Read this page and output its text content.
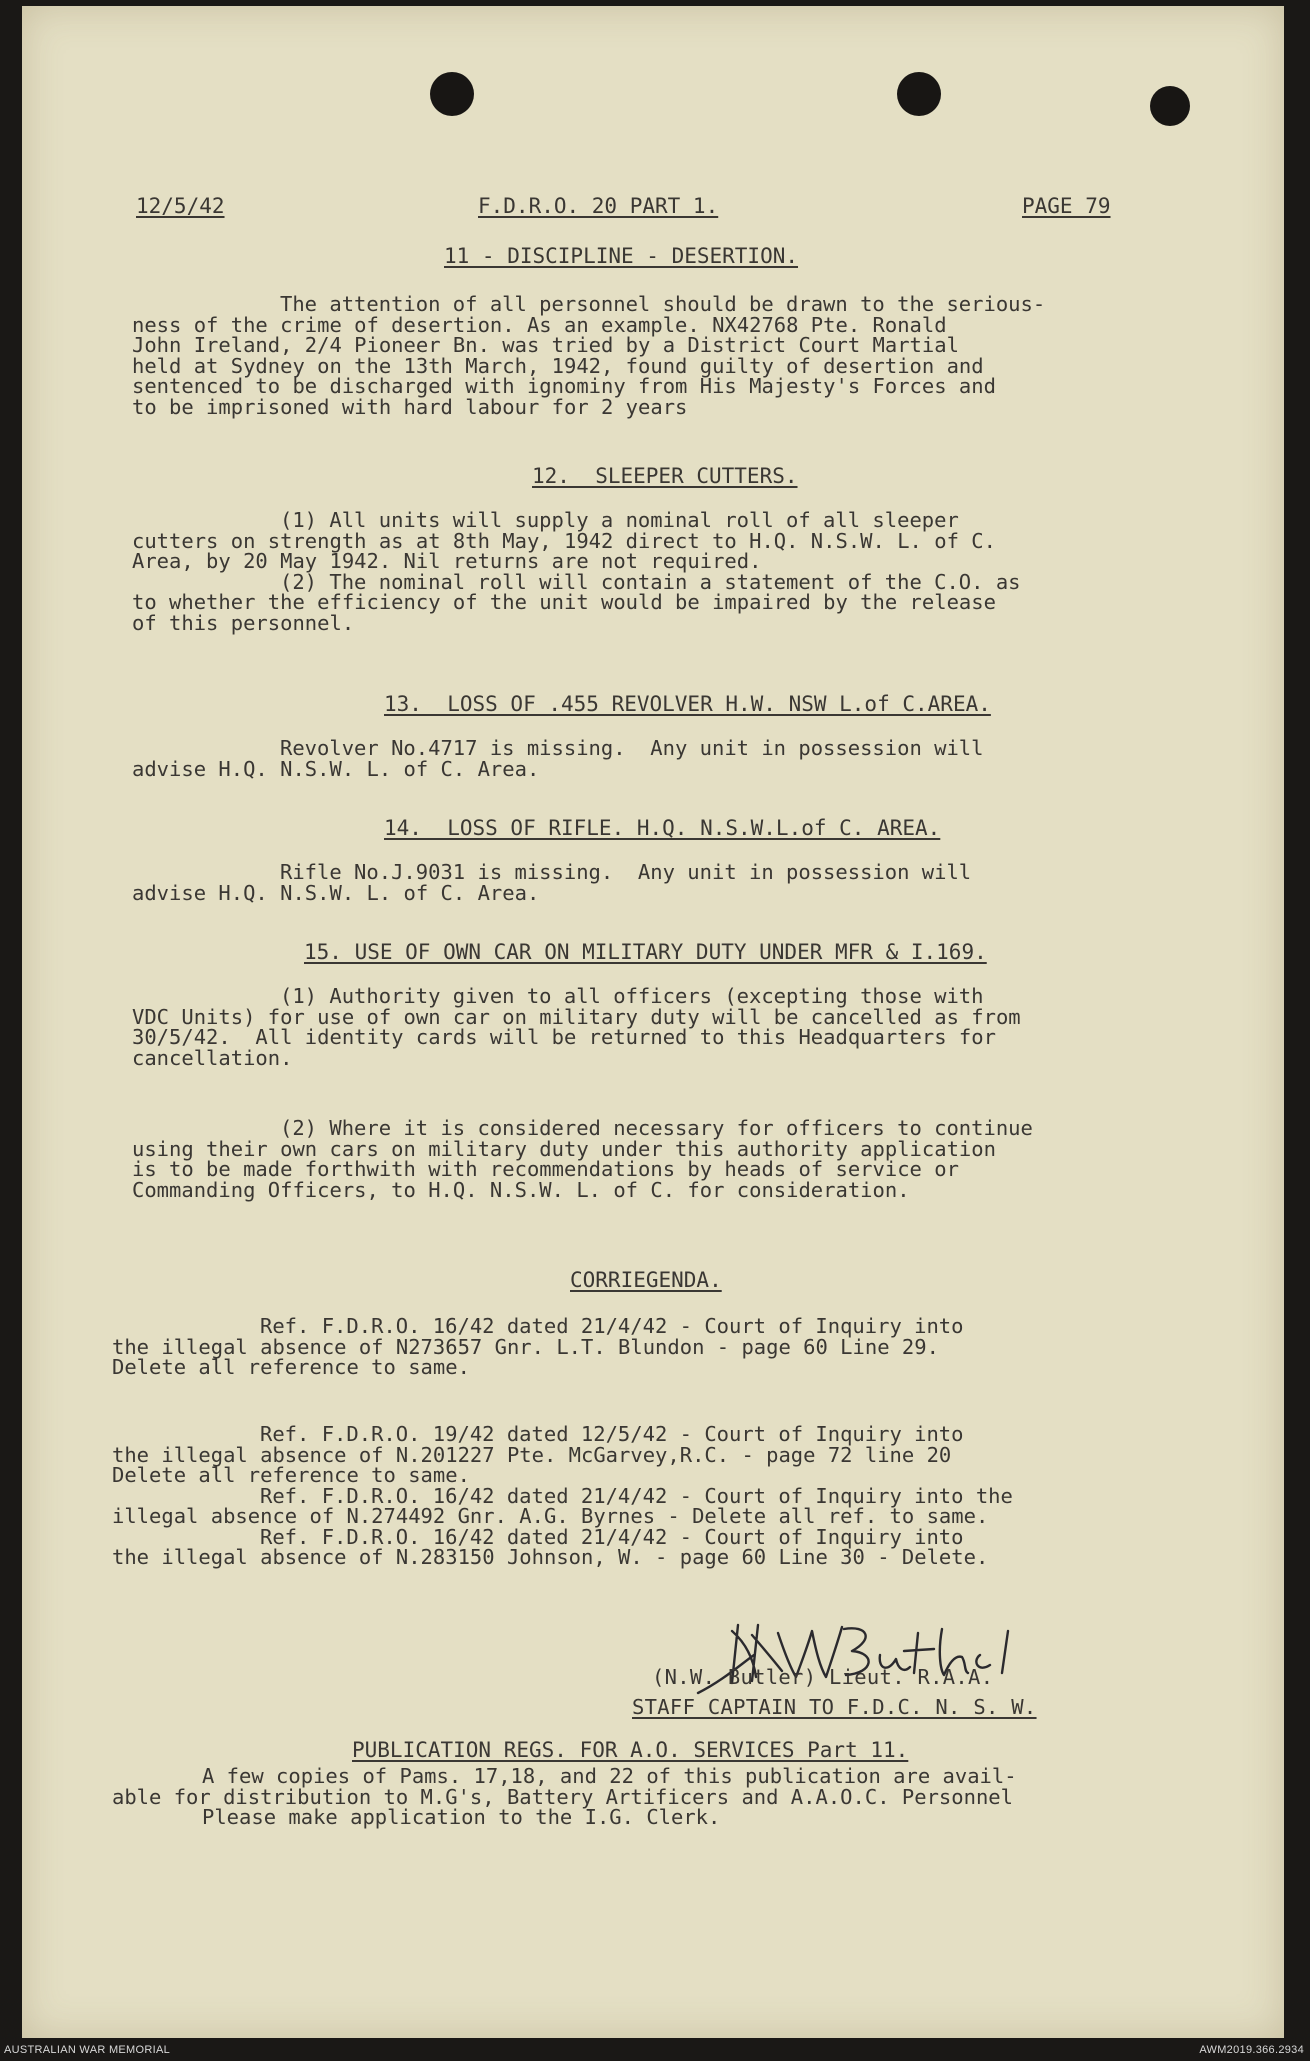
12/5/42	F.D.R.O. 20 PART 1.	PAGE 79
11 - DISCIPLINE - DESERTION.
The attention of all personnel should be drawn to the serious-
ness of the crime of desertion. As an example. NX42768 Pte. Ronald
John Ireland, 2/4 Pioneer Bn. was tried by a District Court Martial
held at Sydney on the 13th March, 1942, found guilty of desertion and
sentenced to be discharged with ignominy from His Majesty's Forces and
to be imprisoned with hard labour for 2 years
12.  SLEEPER CUTTERS.
(1) All units will supply a nominal roll of all sleeper
cutters on strength as at 8th May, 1942 direct to H.Q. N.S.W. L. of C.
Area, by 20 May 1942. Nil returns are not required.
(2) The nominal roll will contain a statement of the C.O. as
to whether the efficiency of the unit would be impaired by the release
of this personnel.
13.  LOSS OF .455 REVOLVER H.W. NSW L.of C.AREA.
Revolver No.4717 is missing.  Any unit in possession will
advise H.Q. N.S.W. L. of C. Area.
14.  LOSS OF RIFLE. H.Q. N.S.W.L.of C. AREA.
Rifle No.J.9031 is missing.  Any unit in possession will
advise H.Q. N.S.W. L. of C. Area.
15. USE OF OWN CAR ON MILITARY DUTY UNDER MFR & I.169.
(1) Authority given to all officers (excepting those with
VDC Units) for use of own car on military duty will be cancelled as from
30/5/42.  All identity cards will be returned to this Headquarters for
cancellation.
(2) Where it is considered necessary for officers to continue
using their own cars on military duty under this authority application
is to be made forthwith with recommendations by heads of service or
Commanding Officers, to H.Q. N.S.W. L. of C. for consideration.
CORRIEGENDA.
Ref. F.D.R.O. 16/42 dated 21/4/42 - Court of Inquiry into
the illegal absence of N273657 Gnr. L.T. Blundon - page 60 Line 29.
Delete all reference to same.
Ref. F.D.R.O. 19/42 dated 12/5/42 - Court of Inquiry into
the illegal absence of N.201227 Pte. McGarvey,R.C. - page 72 line 20
Delete all reference to same.
Ref. F.D.R.O. 16/42 dated 21/4/42 - Court of Inquiry into the
illegal absence of N.274492 Gnr. A.G. Byrnes - Delete all ref. to same.
Ref. F.D.R.O. 16/42 dated 21/4/42 - Court of Inquiry into
the illegal absence of N.283150 Johnson, W. - page 60 Line 30 - Delete.
(N.W. Butler) Lieut. R.A.A.
STAFF CAPTAIN TO F.D.C. N. S. W.
PUBLICATION REGS. FOR A.O. SERVICES Part 11.
A few copies of Pams. 17,18, and 22 of this publication are avail-
able for distribution to M.G's, Battery Artificers and A.A.O.C. Personnel
Please make application to the I.G. Clerk.
AUSTRALIAN WAR MEMORIAL	AWM2019.366.2934
